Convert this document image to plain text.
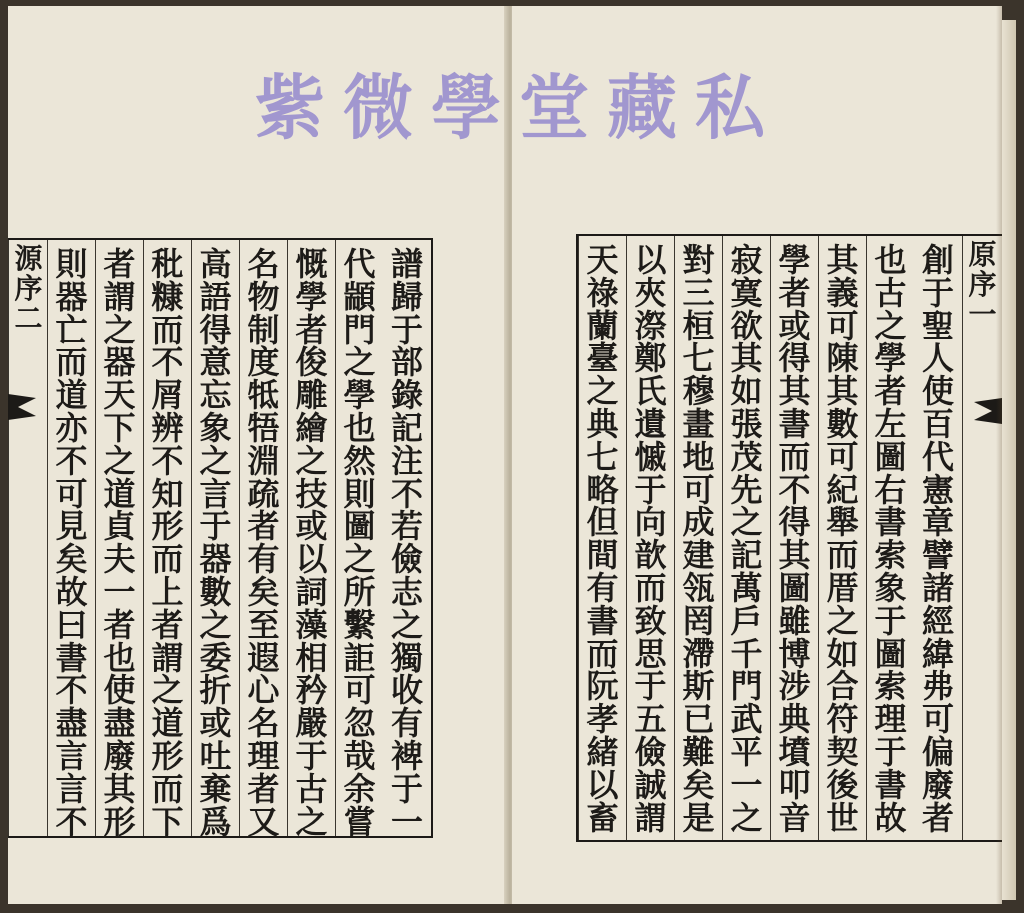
譜
歸
于
部
錄
記
注
不
若
儉
志
之
獨
收
有
裨
于
一
代
顓
門
之
學
也
然
則
圖
之
所
繫
詎
可
忽
哉
余
嘗
慨
學
者
俊
雕
繪
之
技
或
以
詞
藻
相
矜
嚴
于
古
之
名
物
制
度
牴
牾
淵
疏
者
有
矣
至
遐
心
名
理
者
又
高
語
得
意
忘
象
之
言
于
器
數
之
委
折
或
吐
棄
爲
秕
糠
而
不
屑
辨
不
知
形
而
上
者
謂
之
道
形
而
下
者
謂
之
器
天
下
之
道
貞
夫
一
者
也
使
盡
廢
其
形
則
器
亡
而
道
亦
不
可
見
矣
故
曰
書
不
盡
言
言
不
源
序
二
創
于
聖
人
使
百
代
憲
章
譬
諸
經
緯
弗
可
偏
廢
者
也
古
之
學
者
左
圖
右
書
索
象
于
圖
索
理
于
書
故
其
義
可
陳
其
數
可
紀
舉
而
厝
之
如
合
符
契
後
世
學
者
或
得
其
書
而
不
得
其
圖
雖
博
涉
典
墳
叩
音
寂
寞
欲
其
如
張
茂
先
之
記
萬
戶
千
門
武
平
一
之
對
三
桓
七
穆
畫
地
可
成
建
瓴
罔
滯
斯
已
難
矣
是
以
夾
漈
鄭
氏
遺
慽
于
向
歆
而
致
思
于
五
儉
誠
謂
天
祿
蘭
臺
之
典
七
略
但
間
有
書
而
阮
孝
緒
以
畜
原
序
一
紫 微 學 堂 藏 私
